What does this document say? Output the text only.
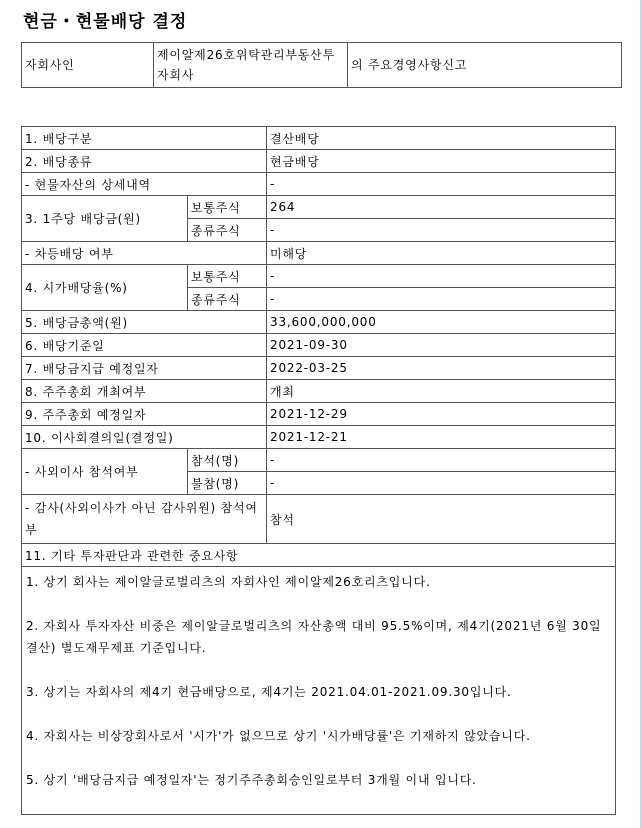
현금・현물배당 결정
자회사인	제이알제26호위탁관리부동산투자회사	의 주요경영사항신고
1. 배당구분		결산배당
2. 배당종류		현금배당
- 현물자산의 상세내역		-
3. 1주당 배당금(원)	보통주식	264
	종류주식	-
- 차등배당 여부		미해당
4. 시가배당율(%)	보통주식	-
	종류주식	-
5. 배당금총액(원)		33,600,000,000
6. 배당기준일		2021-09-30
7. 배당금지급 예정일자		2022-03-25
8. 주주총회 개최여부		개최
9. 주주총회 예정일자		2021-12-29
10. 이사회결의일(결정일)		2021-12-21
- 사외이사 참석여부	참석(명)	-
	불참(명)	-
- 감사(사외이사가 아닌 감사위원) 참석여부		참석
11. 기타 투자판단과 관련한 중요사항		

1. 상기 회사는 제이알글로벌리츠의 자회사인 제이알제26호리츠입니다.
2. 자회사 투자자산 비중은 제이알글로벌리츠의 자산총액 대비 95.5%이며, 제4기(2021년 6월 30일 결산) 별도재무제표 기준입니다.
3. 상기는 자회사의 제4기 현금배당으로, 제4기는 2021.04.01-2021.09.30입니다.
4. 자회사는 비상장회사로서 '시가'가 없으므로 상기 '시가배당률'은 기재하지 않았습니다.
5. 상기 '배당금지급 예정일자'는 정기주주총회승인일로부터 3개월 이내 입니다.		
